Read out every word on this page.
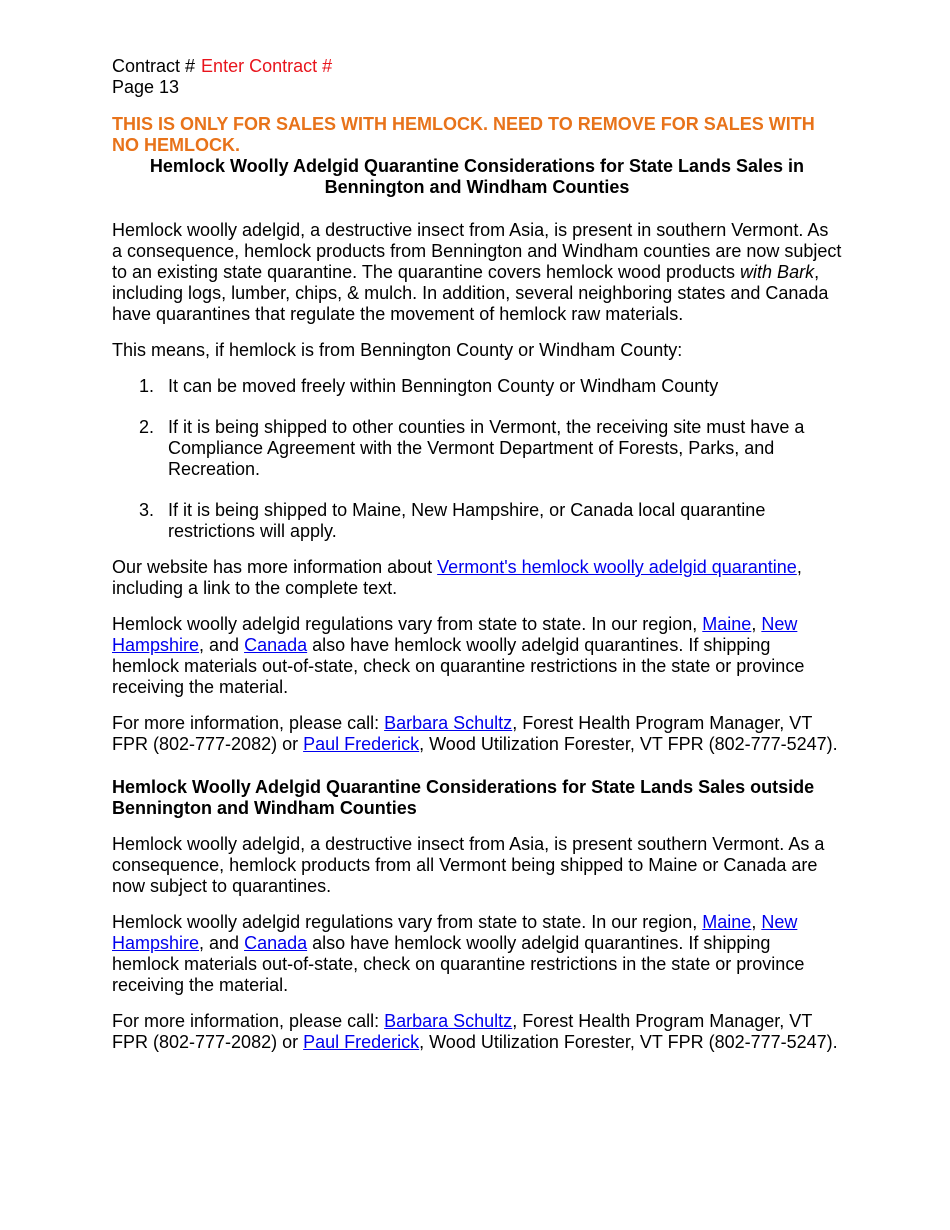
Contract # Enter Contract #
Page 13
THIS IS ONLY FOR SALES WITH HEMLOCK. NEED TO REMOVE FOR SALES WITH NO HEMLOCK.
Hemlock Woolly Adelgid Quarantine Considerations for State Lands Sales in Bennington and Windham Counties

Hemlock woolly adelgid, a destructive insect from Asia, is present in southern Vermont. As a consequence, hemlock products from Bennington and Windham counties are now subject to an existing state quarantine. The quarantine covers hemlock wood products with Bark, including logs, lumber, chips, & mulch. In addition, several neighboring states and Canada have quarantines that regulate the movement of hemlock raw materials.

This means, if hemlock is from Bennington County or Windham County:

1. It can be moved freely within Bennington County or Windham County
2. If it is being shipped to other counties in Vermont, the receiving site must have a Compliance Agreement with the Vermont Department of Forests, Parks, and Recreation.
3. If it is being shipped to Maine, New Hampshire, or Canada local quarantine restrictions will apply.

Our website has more information about Vermont's hemlock woolly adelgid quarantine, including a link to the complete text.

Hemlock woolly adelgid regulations vary from state to state. In our region, Maine, New Hampshire, and Canada also have hemlock woolly adelgid quarantines. If shipping hemlock materials out-of-state, check on quarantine restrictions in the state or province receiving the material.

For more information, please call: Barbara Schultz, Forest Health Program Manager, VT FPR (802-777-2082) or Paul Frederick, Wood Utilization Forester, VT FPR (802-777-5247).

Hemlock Woolly Adelgid Quarantine Considerations for State Lands Sales outside Bennington and Windham Counties

Hemlock woolly adelgid, a destructive insect from Asia, is present southern Vermont. As a consequence, hemlock products from all Vermont being shipped to Maine or Canada are now subject to quarantines.

Hemlock woolly adelgid regulations vary from state to state. In our region, Maine, New Hampshire, and Canada also have hemlock woolly adelgid quarantines. If shipping hemlock materials out-of-state, check on quarantine restrictions in the state or province receiving the material.

For more information, please call: Barbara Schultz, Forest Health Program Manager, VT FPR (802-777-2082) or Paul Frederick, Wood Utilization Forester, VT FPR (802-777-5247).
